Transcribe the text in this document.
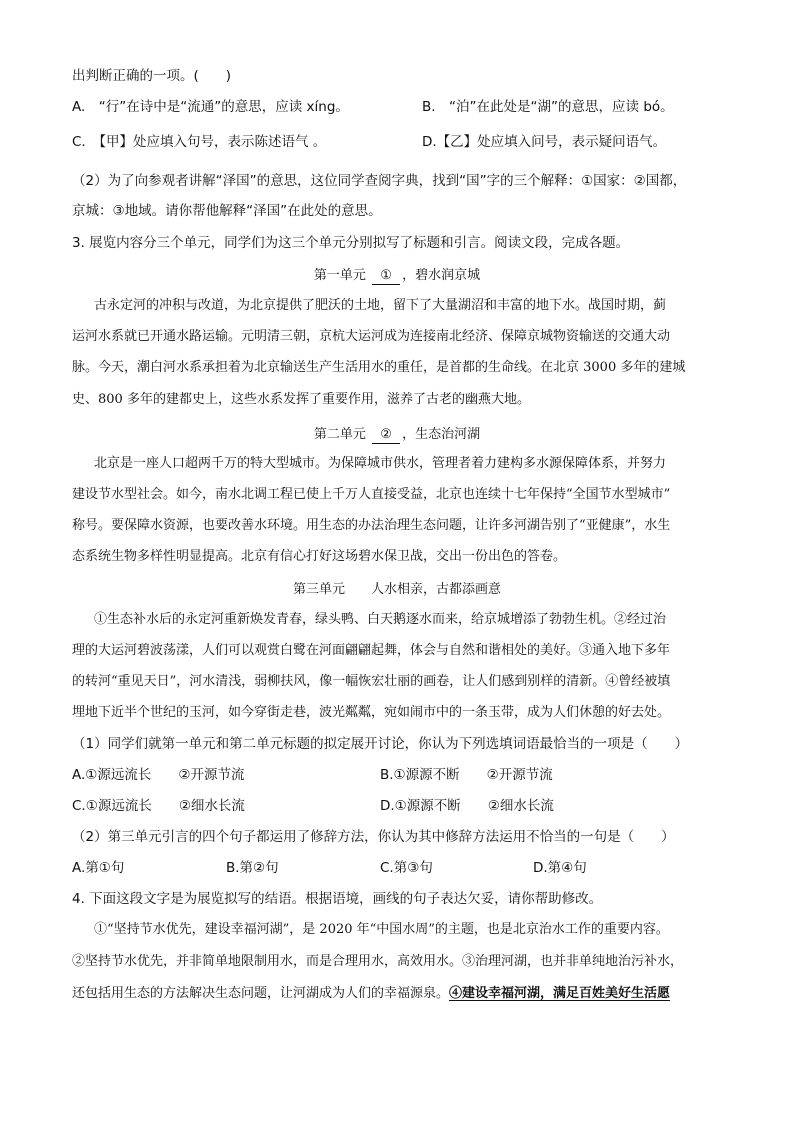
出判断正确的一项。(　　)
A.　“行”在诗中是“流通”的意思，应读 xíng。	B.　“泊”在此处是“湖”的意思，应读 bó。
C.　【甲】处应填入句号，表示陈述语气 。	D.【乙】处应填入问号，表示疑问语气。
（2）为了向参观者讲解“泽国”的意思，这位同学查阅字典，找到“国”字的三个解释：①国家：②国都，
京城：③地域。请你帮他解释“泽国”在此处的意思。
3. 展览内容分三个单元，同学们为这三个单元分别拟写了标题和引言。阅读文段，完成各题。
第一单元 ① ，碧水润京城
古永定河的冲积与改道，为北京提供了肥沃的土地，留下了大量湖沼和丰富的地下水。战国时期，蓟
运河水系就已开通水路运输。元明清三朝，京杭大运河成为连接南北经济、保障京城物资输送的交通大动
脉。今天，潮白河水系承担着为北京输送生产生活用水的重任，是首都的生命线。在北京 3000 多年的建城
史、800 多年的建都史上，这些水系发挥了重要作用，滋养了古老的幽燕大地。
第二单元 ② ，生态治河湖
北京是一座人口超两千万的特大型城市。为保障城市供水，管理者着力建构多水源保障体系，并努力
建设节水型社会。如今，南水北调工程已使上千万人直接受益，北京也连续十七年保持“全国节水型城市”
称号。要保障水资源，也要改善水环境。用生态的办法治理生态问题，让许多河湖告别了“亚健康”，水生
态系统生物多样性明显提高。北京有信心打好这场碧水保卫战，交出一份出色的答卷。
第三单元　　人水相亲，古都添画意
①生态补水后的永定河重新焕发青春，绿头鸭、白天鹅逐水而来，给京城增添了勃勃生机。②经过治
理的大运河碧波荡漾，人们可以观赏白鹭在河面翩翩起舞，体会与自然和谐相处的美好。③通入地下多年
的转河“重见天日”，河水清浅，弱柳扶风，像一幅恢宏壮丽的画卷，让人们感到别样的清新。④曾经被填
埋地下近半个世纪的玉河，如今穿街走巷，波光粼粼，宛如闹市中的一条玉带，成为人们休憩的好去处。
（1）同学们就第一单元和第二单元标题的拟定展开讨论，你认为下列选填词语最恰当的一项是（　　）
A.①源远流长　　②开源节流	B.①源源不断　　②开源节流
C.①源远流长　　②细水长流	D.①源源不断　　②细水长流
（2）第三单元引言的四个句子都运用了修辞方法，你认为其中修辞方法运用不恰当的一句是（　　）
A.第①句	B.第②句	C.第③句	D.第④句
4. 下面这段文字是为展览拟写的结语。根据语境，画线的句子表达欠妥，请你帮助修改。
①“坚持节水优先，建设幸福河湖”，是 2020 年“中国水周”的主题，也是北京治水工作的重要内容。
②坚持节水优先，并非简单地限制用水，而是合理用水，高效用水。③治理河湖，也并非单纯地治污补水，
还包括用生态的方法解决生态问题，让河湖成为人们的幸福源泉。④建设幸福河湖，满足百姓美好生活愿
